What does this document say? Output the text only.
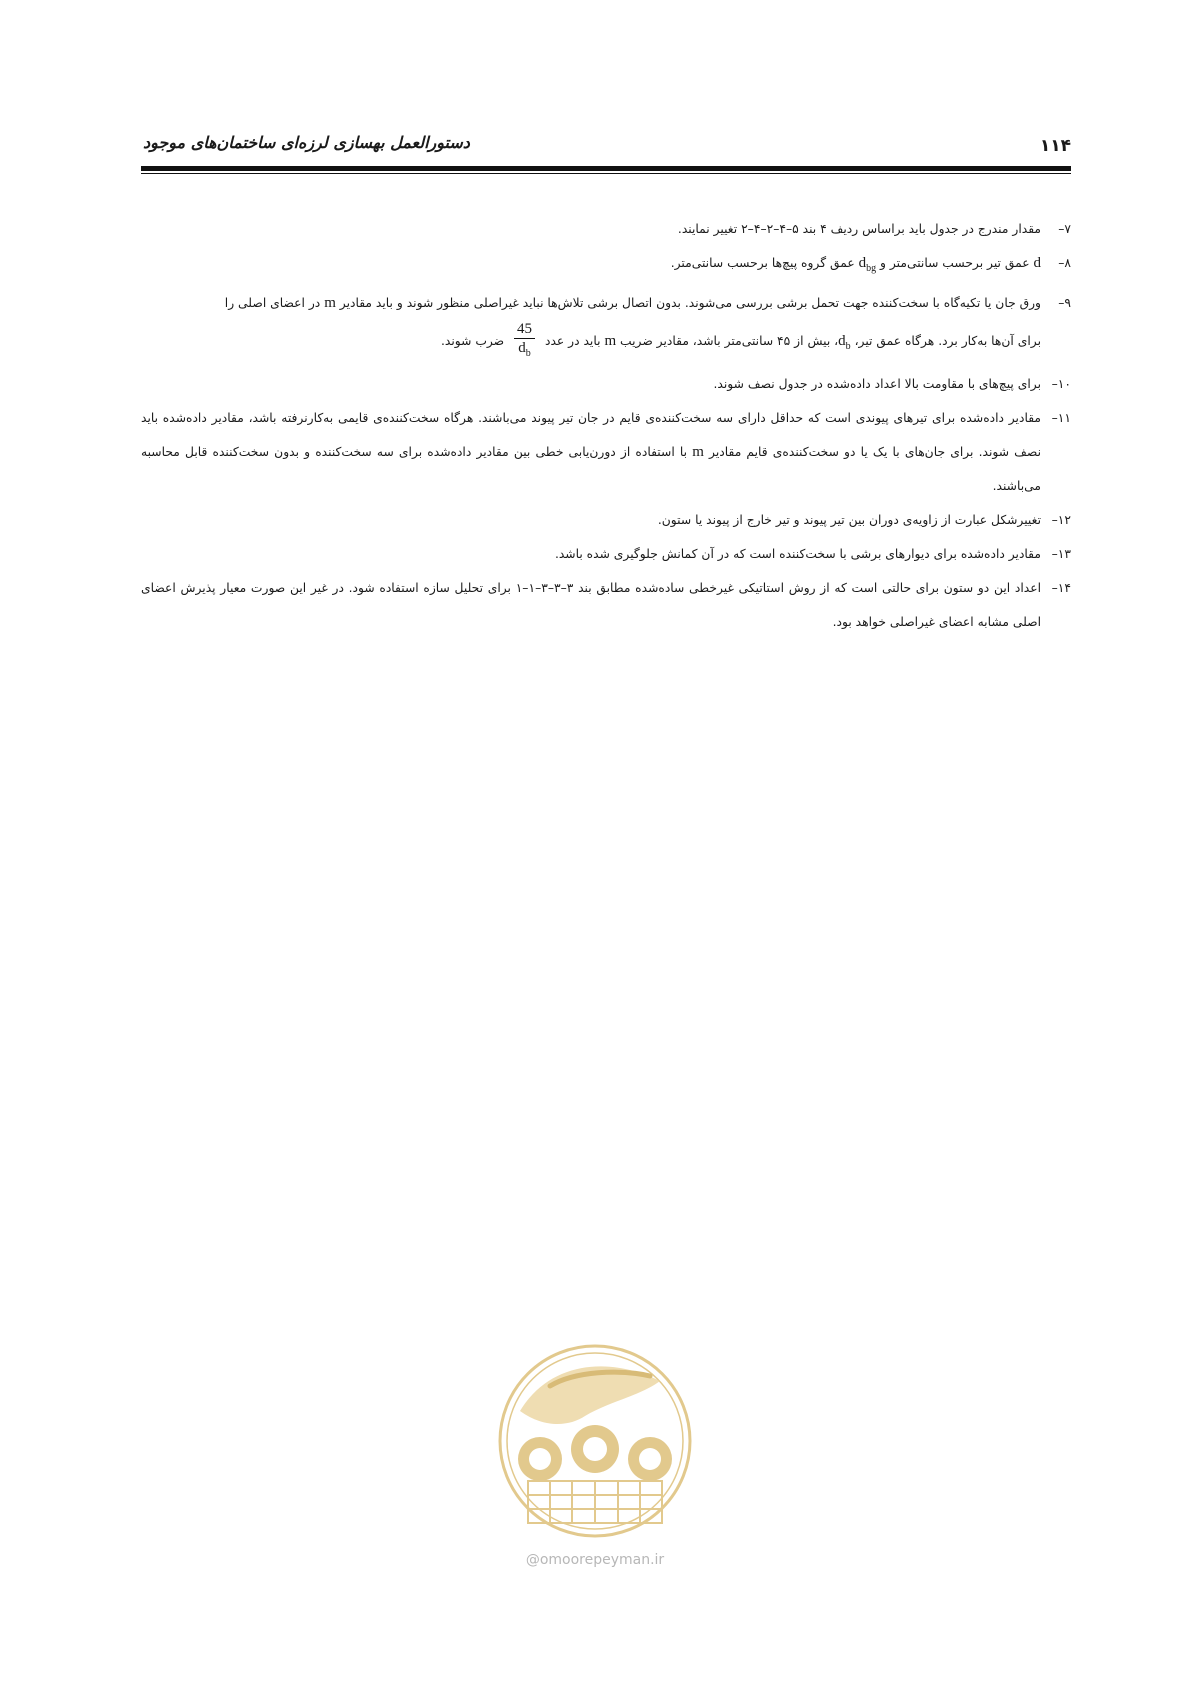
۱۱۴
دستورالعمل بهسازی لرزه‌ای ساختمان‌های موجود
۷–
مقدار مندرج در جدول باید براساس ردیف ۴ بند ۵–۴–۲–۴–۲ تغییر نمایند.
۸–
d عمق تیر برحسب سانتی‌متر و $d_{bg}$ عمق گروه پیچ‌ها برحسب سانتی‌متر.
۹–
ورق جان یا تکیه‌گاه با سخت‌کننده جهت تحمل برشی بررسی می‌شوند. بدون اتصال برشی تلاش‌ها نباید غیراصلی منظور شوند و باید مقادیر m در اعضای اصلی را
برای آن‌ها به‌کار برد. هرگاه عمق تیر، $d_b،$ بیش از ۴۵ سانتی‌متر باشد، مقادیر ضریب m باید در عدد
$\frac{45}{d_b}$
ضرب شوند.
۱۰–
برای پیچ‌های با مقاومت بالا اعداد داده‌شده در جدول نصف شوند.
۱۱–
مقادیر داده‌شده برای تیرهای پیوندی است که حداقل دارای سه سخت‌کننده‌ی قایم در جان تیر پیوند می‌باشند. هرگاه سخت‌کننده‌ی قایمی به‌کارنرفته باشد، مقادیر داده‌شده باید نصف شوند. برای جان‌های با یک یا دو سخت‌کننده‌ی قایم مقادیر m با استفاده از دورن‌یابی خطی بین مقادیر داده‌شده برای سه سخت‌کننده و بدون سخت‌کننده قابل محاسبه می‌باشند.
۱۲–
تغییرشکل عبارت از زاویه‌ی دوران بین تیر پیوند و تیر خارج از پیوند یا ستون.
۱۳–
مقادیر داده‌شده برای دیوارهای برشی با سخت‌کننده است که در آن کمانش جلوگیری شده باشد.
۱۴–
اعداد این دو ستون برای حالتی است که از روش استاتیکی غیرخطی ساده‌شده مطابق بند ۳–۳–۳–۱–۱ برای تحلیل سازه استفاده شود. در غیر این صورت معیار پذیرش اعضای اصلی مشابه اعضای غیراصلی خواهد بود.
@omoorepeyman.ir
